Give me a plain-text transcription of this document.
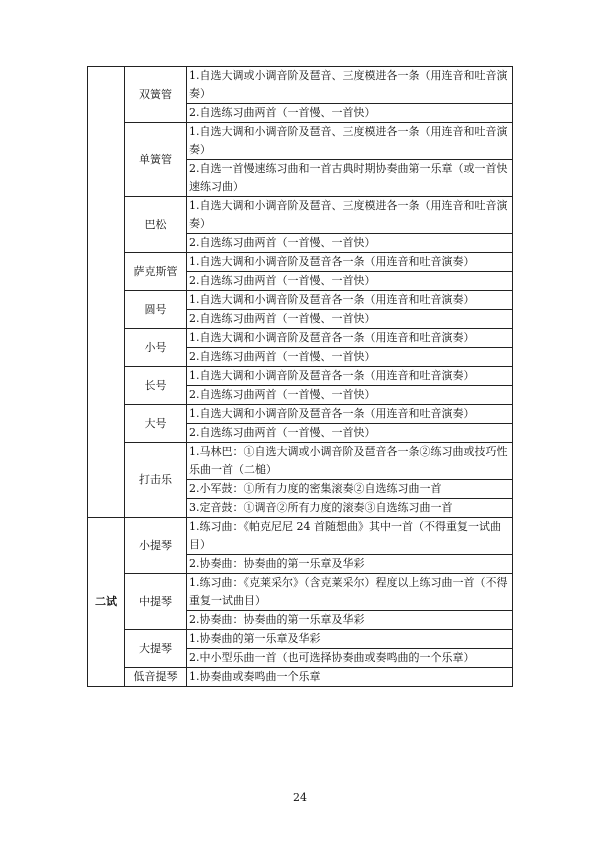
	双簧管	1.自选大调或小调音阶及琶音、三度模进各一条（用连音和吐音演奏）
		2.自选练习曲两首（一首慢、一首快）
	单簧管	1.自选大调和小调音阶及琶音、三度模进各一条（用连音和吐音演奏）
		2.自选一首慢速练习曲和一首古典时期协奏曲第一乐章（或一首快速练习曲）
	巴松	1.自选大调和小调音阶及琶音、三度模进各一条（用连音和吐音演奏）
		2.自选练习曲两首（一首慢、一首快）
	萨克斯管	1.自选大调和小调音阶及琶音各一条（用连音和吐音演奏）
		2.自选练习曲两首（一首慢、一首快）
	圆号	1.自选大调和小调音阶及琶音各一条（用连音和吐音演奏）
		2.自选练习曲两首（一首慢、一首快）
	小号	1.自选大调和小调音阶及琶音各一条（用连音和吐音演奏）
		2.自选练习曲两首（一首慢、一首快）
	长号	1.自选大调和小调音阶及琶音各一条（用连音和吐音演奏）
		2.自选练习曲两首（一首慢、一首快）
	大号	1.自选大调和小调音阶及琶音各一条（用连音和吐音演奏）
		2.自选练习曲两首（一首慢、一首快）
	打击乐	1.马林巴：①自选大调或小调音阶及琶音各一条②练习曲或技巧性乐曲一首（二槌）
		2.小军鼓：①所有力度的密集滚奏②自选练习曲一首
		3.定音鼓：①调音②所有力度的滚奏③自选练习曲一首
二试	小提琴	1.练习曲：《帕克尼尼 24 首随想曲》其中一首（不得重复一试曲目）
		2.协奏曲：协奏曲的第一乐章及华彩
	中提琴	1.练习曲：《克莱采尔》（含克莱采尔）程度以上练习曲一首（不得重复一试曲目）
		2.协奏曲：协奏曲的第一乐章及华彩
	大提琴	1.协奏曲的第一乐章及华彩
		2.中小型乐曲一首（也可选择协奏曲或奏鸣曲的一个乐章）
	低音提琴	1.协奏曲或奏鸣曲一个乐章
24
